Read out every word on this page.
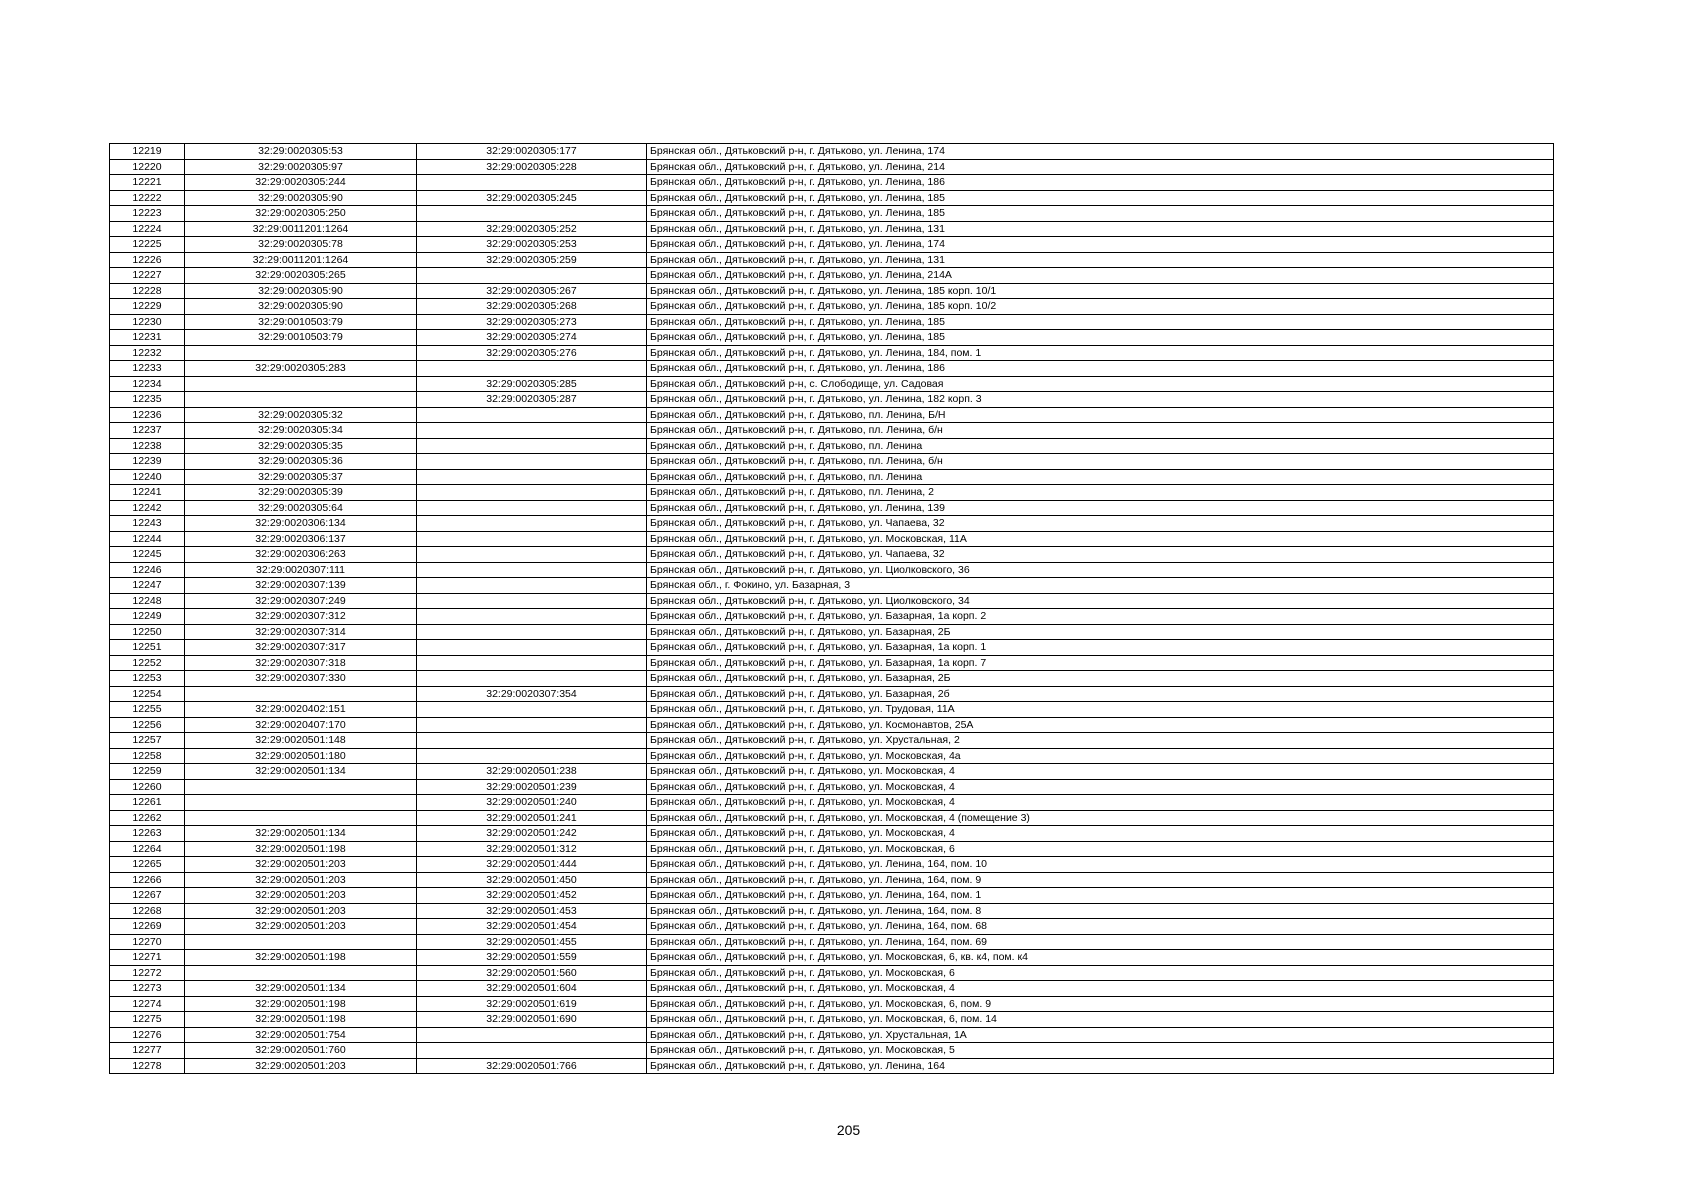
12219	32:29:0020305:53	32:29:0020305:177	Брянская обл., Дятьковский р-н, г. Дятьково, ул. Ленина, 174
12220	32:29:0020305:97	32:29:0020305:228	Брянская обл., Дятьковский р-н, г. Дятьково, ул. Ленина, 214
12221	32:29:0020305:244		Брянская обл., Дятьковский р-н, г. Дятьково, ул. Ленина, 186
12222	32:29:0020305:90	32:29:0020305:245	Брянская обл., Дятьковский р-н, г. Дятьково, ул. Ленина, 185
12223	32:29:0020305:250		Брянская обл., Дятьковский р-н, г. Дятьково, ул. Ленина, 185
12224	32:29:0011201:1264	32:29:0020305:252	Брянская обл., Дятьковский р-н, г. Дятьково, ул. Ленина, 131
12225	32:29:0020305:78	32:29:0020305:253	Брянская обл., Дятьковский р-н, г. Дятьково, ул. Ленина, 174
12226	32:29:0011201:1264	32:29:0020305:259	Брянская обл., Дятьковский р-н, г. Дятьково, ул. Ленина, 131
12227	32:29:0020305:265		Брянская обл., Дятьковский р-н, г. Дятьково, ул. Ленина, 214А
12228	32:29:0020305:90	32:29:0020305:267	Брянская обл., Дятьковский р-н, г. Дятьково, ул. Ленина, 185 корп. 10/1
12229	32:29:0020305:90	32:29:0020305:268	Брянская обл., Дятьковский р-н, г. Дятьково, ул. Ленина, 185 корп. 10/2
12230	32:29:0010503:79	32:29:0020305:273	Брянская обл., Дятьковский р-н, г. Дятьково, ул. Ленина, 185
12231	32:29:0010503:79	32:29:0020305:274	Брянская обл., Дятьковский р-н, г. Дятьково, ул. Ленина, 185
12232		32:29:0020305:276	Брянская обл., Дятьковский р-н, г. Дятьково, ул. Ленина, 184, пом. 1
12233	32:29:0020305:283		Брянская обл., Дятьковский р-н, г. Дятьково, ул. Ленина, 186
12234		32:29:0020305:285	Брянская обл., Дятьковский р-н, с. Слободище, ул. Садовая
12235		32:29:0020305:287	Брянская обл., Дятьковский р-н, г. Дятьково, ул. Ленина, 182 корп. 3
12236	32:29:0020305:32		Брянская обл., Дятьковский р-н, г. Дятьково, пл. Ленина, Б/Н
12237	32:29:0020305:34		Брянская обл., Дятьковский р-н, г. Дятьково, пл. Ленина, б/н
12238	32:29:0020305:35		Брянская обл., Дятьковский р-н, г. Дятьково, пл. Ленина
12239	32:29:0020305:36		Брянская обл., Дятьковский р-н, г. Дятьково, пл. Ленина, б/н
12240	32:29:0020305:37		Брянская обл., Дятьковский р-н, г. Дятьково, пл. Ленина
12241	32:29:0020305:39		Брянская обл., Дятьковский р-н, г. Дятьково, пл. Ленина, 2
12242	32:29:0020305:64		Брянская обл., Дятьковский р-н, г. Дятьково, ул. Ленина, 139
12243	32:29:0020306:134		Брянская обл., Дятьковский р-н, г. Дятьково, ул. Чапаева, 32
12244	32:29:0020306:137		Брянская обл., Дятьковский р-н, г. Дятьково, ул. Московская, 11А
12245	32:29:0020306:263		Брянская обл., Дятьковский р-н, г. Дятьково, ул. Чапаева, 32
12246	32:29:0020307:111		Брянская обл., Дятьковский р-н, г. Дятьково, ул. Циолковского, 36
12247	32:29:0020307:139		Брянская обл., г. Фокино, ул. Базарная, 3
12248	32:29:0020307:249		Брянская обл., Дятьковский р-н, г. Дятьково, ул. Циолковского, 34
12249	32:29:0020307:312		Брянская обл., Дятьковский р-н, г. Дятьково, ул. Базарная, 1а корп. 2
12250	32:29:0020307:314		Брянская обл., Дятьковский р-н, г. Дятьково, ул. Базарная, 2Б
12251	32:29:0020307:317		Брянская обл., Дятьковский р-н, г. Дятьково, ул. Базарная, 1а корп. 1
12252	32:29:0020307:318		Брянская обл., Дятьковский р-н, г. Дятьково, ул. Базарная, 1а корп. 7
12253	32:29:0020307:330		Брянская обл., Дятьковский р-н, г. Дятьково, ул. Базарная, 2Б
12254		32:29:0020307:354	Брянская обл., Дятьковский р-н, г. Дятьково, ул. Базарная, 2б
12255	32:29:0020402:151		Брянская обл., Дятьковский р-н, г. Дятьково, ул. Трудовая, 11А
12256	32:29:0020407:170		Брянская обл., Дятьковский р-н, г. Дятьково, ул. Космонавтов, 25А
12257	32:29:0020501:148		Брянская обл., Дятьковский р-н, г. Дятьково, ул. Хрустальная, 2
12258	32:29:0020501:180		Брянская обл., Дятьковский р-н, г. Дятьково, ул. Московская, 4а
12259	32:29:0020501:134	32:29:0020501:238	Брянская обл., Дятьковский р-н, г. Дятьково, ул. Московская, 4
12260		32:29:0020501:239	Брянская обл., Дятьковский р-н, г. Дятьково, ул. Московская, 4
12261		32:29:0020501:240	Брянская обл., Дятьковский р-н, г. Дятьково, ул. Московская, 4
12262		32:29:0020501:241	Брянская обл., Дятьковский р-н, г. Дятьково, ул. Московская, 4 (помещение 3)
12263	32:29:0020501:134	32:29:0020501:242	Брянская обл., Дятьковский р-н, г. Дятьково, ул. Московская, 4
12264	32:29:0020501:198	32:29:0020501:312	Брянская обл., Дятьковский р-н, г. Дятьково, ул. Московская, 6
12265	32:29:0020501:203	32:29:0020501:444	Брянская обл., Дятьковский р-н, г. Дятьково, ул. Ленина, 164, пом. 10
12266	32:29:0020501:203	32:29:0020501:450	Брянская обл., Дятьковский р-н, г. Дятьково, ул. Ленина, 164, пом. 9
12267	32:29:0020501:203	32:29:0020501:452	Брянская обл., Дятьковский р-н, г. Дятьково, ул. Ленина, 164, пом. 1
12268	32:29:0020501:203	32:29:0020501:453	Брянская обл., Дятьковский р-н, г. Дятьково, ул. Ленина, 164, пом. 8
12269	32:29:0020501:203	32:29:0020501:454	Брянская обл., Дятьковский р-н, г. Дятьково, ул. Ленина, 164, пом. 68
12270		32:29:0020501:455	Брянская обл., Дятьковский р-н, г. Дятьково, ул. Ленина, 164, пом. 69
12271	32:29:0020501:198	32:29:0020501:559	Брянская обл., Дятьковский р-н, г. Дятьково, ул. Московская, 6, кв. к4, пом. к4
12272		32:29:0020501:560	Брянская обл., Дятьковский р-н, г. Дятьково, ул. Московская, 6
12273	32:29:0020501:134	32:29:0020501:604	Брянская обл., Дятьковский р-н, г. Дятьково, ул. Московская, 4
12274	32:29:0020501:198	32:29:0020501:619	Брянская обл., Дятьковский р-н, г. Дятьково, ул. Московская, 6, пом. 9
12275	32:29:0020501:198	32:29:0020501:690	Брянская обл., Дятьковский р-н, г. Дятьково, ул. Московская, 6, пом. 14
12276	32:29:0020501:754		Брянская обл., Дятьковский р-н, г. Дятьково, ул. Хрустальная, 1А
12277	32:29:0020501:760		Брянская обл., Дятьковский р-н, г. Дятьково, ул. Московская, 5
12278	32:29:0020501:203	32:29:0020501:766	Брянская обл., Дятьковский р-н, г. Дятьково, ул. Ленина, 164
205
